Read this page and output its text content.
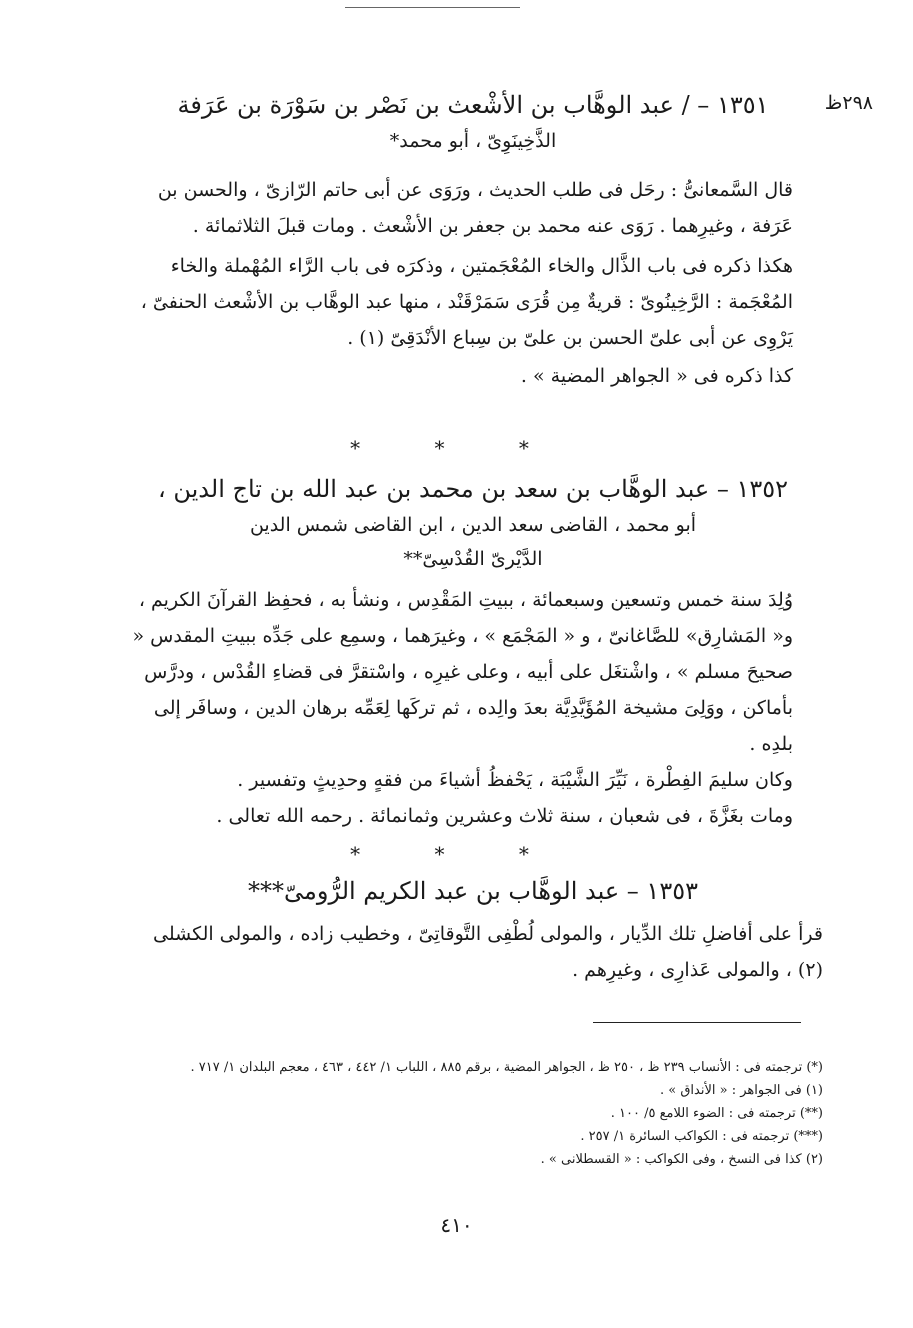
٢٩٨ظ
١٣٥١ – / عبد الوهَّاب بن الأشْعث بن نَصْر بن سَوْرَة بن عَرَفة
الذَّخِينَوِىّ ، أبو محمد*

قال السَّمعانىُّ : رحَل فى طلب الحديث ، ورَوَى عن أبى حاتم الرّازىّ ، والحسن بن عَرَفة ، وغيرِهما . رَوَى عنه محمد بن جعفر بن الأشْعث . ومات قبلَ الثلاثمائة .

هكذا ذكره فى باب الذَّال والخاء المُعْجَمتين ، وذكرَه فى باب الرَّاء المُهْملة والخاء المُعْجَمة : الرَّخِينُوىّ : قريةٌ مِن قُرَى سَمَرْقَنْد ، منها عبد الوهَّاب بن الأشْعث الحنفىّ ، يَرْوِى عن أبى علىّ الحسن بن علىّ بن سِباع الأنْدَقِىّ (١) .

كذا ذكره فى « الجواهر المضية » .

* * *
١٣٥٢ – عبد الوهَّاب بن سعد بن محمد بن عبد الله بن تاج الدين ،
أبو محمد ، القاضى سعد الدين ، ابن القاضى شمس الدين
الدَّيْرىّ القُدْسِىّ**

وُلِدَ سنة خمس وتسعين وسبعمائة ، ببيتِ المَقْدِس ، ونشأ به ، فحفِظ القرآنَ الكريم ، و« المَشارِق» للصَّاغانىّ ، و « المَجْمَع » ، وغيرَهما ، وسمِع على جَدِّه ببيتِ المقدس « صحيحَ مسلم » ، واشْتغَل على أبيه ، وعلى غيرِه ، واسْتقرَّ فى قضاءِ القُدْس ، ودرَّس بأماكن ، ووَلِىَ مشيخة المُؤَيَّدِيَّة بعدَ والِده ، ثم تركَها لِعَمِّه برهان الدين ، وسافَر إلى بلدِه .

وكان سليمَ الفِطْرة ، نَيِّرَ الشَّيْبَة ، يَحْفظُ أشياءَ من فقهٍ وحدِيثٍ وتفسير .

ومات بغَزَّةَ ، فى شعبان ، سنة ثلاث وعشرين وثمانمائة . رحمه الله تعالى .

* * *
١٣٥٣ – عبد الوهَّاب بن عبد الكريم الرُّومىّ***

قرأ على أفاضلِ تلك الدِّيار ، والمولى لُطْفِى التَّوقاتِىّ ، وخطيب زاده ، والمولى الكشلى (٢) ، والمولى عَذارِى ، وغيرِهم .

(*) ترجمته فى : الأنساب ٢٣٩ ظ ، ٢٥٠ ظ ، الجواهر المضية ، برقم ٨٨٥ ، اللباب ١/ ٤٤٢ ، ٤٦٣ ، معجم البلدان ١/ ٧١٧ .
(١) فى الجواهر : « الأنداق » .
(**) ترجمته فى : الضوء اللامع ٥/ ١٠٠ .
(***) ترجمته فى : الكواكب السائرة ١/ ٢٥٧ .
(٢) كذا فى النسخ ، وفى الكواكب : « القسطلانى » .
٤١٠
